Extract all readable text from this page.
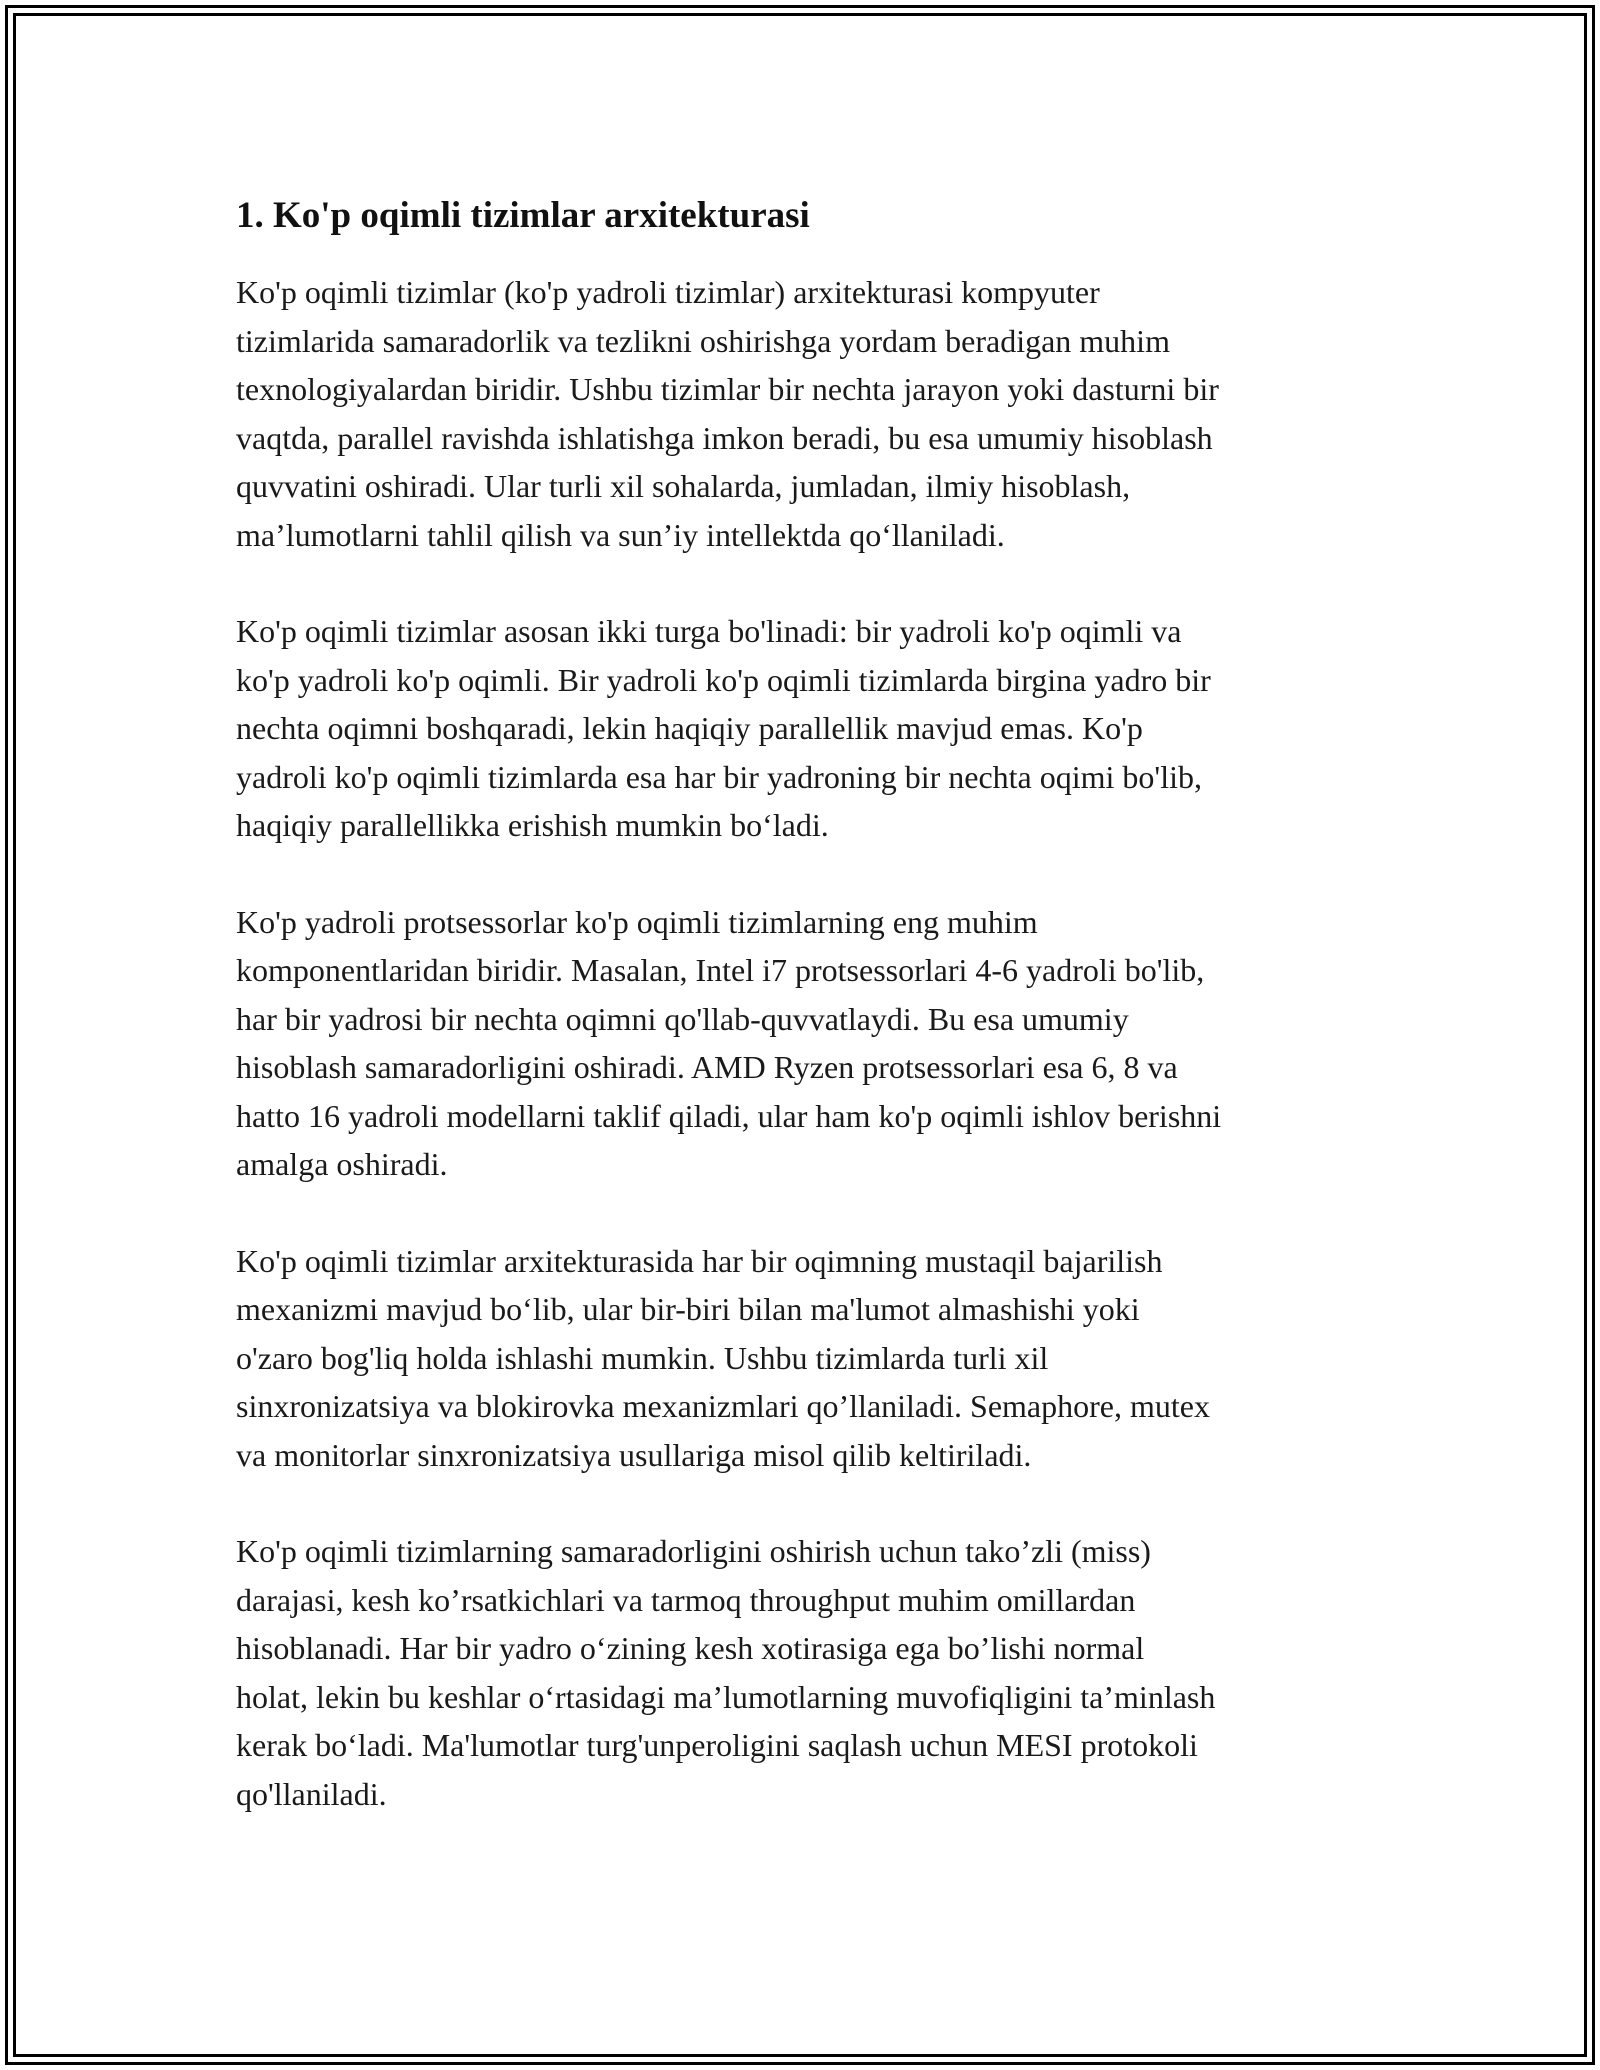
1. Ko'p oqimli tizimlar arxitekturasi

Ko'p oqimli tizimlar (ko'p yadroli tizimlar) arxitekturasi kompyuter
tizimlarida samaradorlik va tezlikni oshirishga yordam beradigan muhim
texnologiyalardan biridir. Ushbu tizimlar bir nechta jarayon yoki dasturni bir
vaqtda, parallel ravishda ishlatishga imkon beradi, bu esa umumiy hisoblash
quvvatini oshiradi. Ular turli xil sohalarda, jumladan, ilmiy hisoblash,
ma’lumotlarni tahlil qilish va sun’iy intellektda qo‘llaniladi.

Ko'p oqimli tizimlar asosan ikki turga bo'linadi: bir yadroli ko'p oqimli va
ko'p yadroli ko'p oqimli. Bir yadroli ko'p oqimli tizimlarda birgina yadro bir
nechta oqimni boshqaradi, lekin haqiqiy parallellik mavjud emas. Ko'p
yadroli ko'p oqimli tizimlarda esa har bir yadroning bir nechta oqimi bo'lib,
haqiqiy parallellikka erishish mumkin bo‘ladi.

Ko'p yadroli protsessorlar ko'p oqimli tizimlarning eng muhim
komponentlaridan biridir. Masalan, Intel i7 protsessorlari 4-6 yadroli bo'lib,
har bir yadrosi bir nechta oqimni qo'llab-quvvatlaydi. Bu esa umumiy
hisoblash samaradorligini oshiradi. AMD Ryzen protsessorlari esa 6, 8 va
hatto 16 yadroli modellarni taklif qiladi, ular ham ko'p oqimli ishlov berishni
amalga oshiradi.

Ko'p oqimli tizimlar arxitekturasida har bir oqimning mustaqil bajarilish
mexanizmi mavjud bo‘lib, ular bir-biri bilan ma'lumot almashishi yoki
o'zaro bog'liq holda ishlashi mumkin. Ushbu tizimlarda turli xil
sinxronizatsiya va blokirovka mexanizmlari qo’llaniladi. Semaphore, mutex
va monitorlar sinxronizatsiya usullariga misol qilib keltiriladi.

Ko'p oqimli tizimlarning samaradorligini oshirish uchun tako’zli (miss)
darajasi, kesh ko’rsatkichlari va tarmoq throughput muhim omillardan
hisoblanadi. Har bir yadro o‘zining kesh xotirasiga ega bo’lishi normal
holat, lekin bu keshlar o‘rtasidagi ma’lumotlarning muvofiqligini ta’minlash
kerak bo‘ladi. Ma'lumotlar turg'unperoligini saqlash uchun MESI protokoli
qo'llaniladi.
